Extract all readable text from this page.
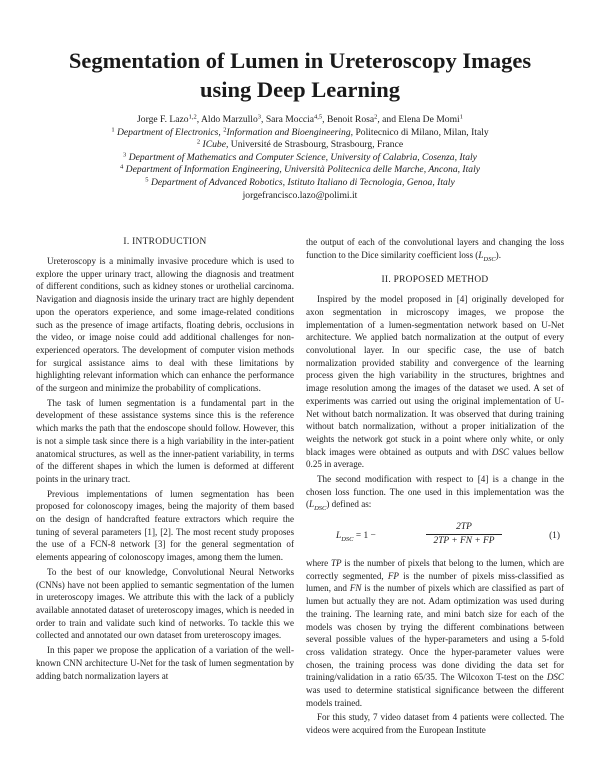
Segmentation of Lumen in Ureteroscopy Images
using Deep Learning
Jorge F. Lazo$^{1,2}$, Aldo Marzullo$^3$, Sara Moccia$^{4,5}$, Benoit Rosa$^2$, and Elena De Momi$^1$
$^1$ Department of Electronics, $^2$Information and Bioengineering, Politecnico di Milano, Milan, Italy
$^2$ ICube, Université de Strasbourg, Strasbourg, France
$^3$ Department of Mathematics and Computer Science, University of Calabria, Cosenza, Italy
$^4$ Department of Information Engineering, Università Politecnica delle Marche, Ancona, Italy
$^5$ Department of Advanced Robotics, Istituto Italiano di Tecnologia, Genoa, Italy
jorgefrancisco.lazo@polimi.it
I. INTRODUCTION

Ureteroscopy is a minimally invasive procedure which is used to explore the upper urinary tract, allowing the diagnosis and treatment of different conditions, such as kidney stones or urothelial carcinoma. Navigation and diagnosis inside the urinary tract are highly dependent upon the operators experience, and some image-related conditions such as the presence of image artifacts, floating debris, occlusions in the video, or image noise could add additional challenges for non-experienced operators. The development of computer vision methods for surgical assistance aims to deal with these limitations by highlighting relevant information which can enhance the performance of the surgeon and minimize the probability of complications.

The task of lumen segmentation is a fundamental part in the development of these assistance systems since this is the reference which marks the path that the endoscope should follow. However, this is not a simple task since there is a high variability in the inter-patient anatomical structures, as well as the inner-patient variability, in terms of the different shapes in which the lumen is deformed at different points in the urinary tract.

Previous implementations of lumen segmentation has been proposed for colonoscopy images, being the majority of them based on the design of handcrafted feature extractors which require the tuning of several parameters [1], [2]. The most recent study proposes the use of a FCN-8 network [3] for the general segmentation of elements appearing of colonoscopy images, among them the lumen.

To the best of our knowledge, Convolutional Neural Networks (CNNs) have not been applied to semantic segmentation of the lumen in ureteroscopy images. We attribute this with the lack of a publicly available annotated dataset of ureteroscopy images, which is needed in order to train and validate such kind of networks. To tackle this we collected and annotated our own dataset from ureteroscopy images.

In this paper we propose the application of a variation of the well-known CNN architecture U-Net for the task of lumen segmentation by adding batch normalization layers at

the output of each of the convolutional layers and changing the loss function to the Dice similarity coefficient loss $(L_{DSC})$.

II. PROPOSED METHOD

Inspired by the model proposed in [4] originally developed for axon segmentation in microscopy images, we propose the implementation of a lumen-segmentation network based on U-Net architecture. We applied batch normalization at the output of every convolutional layer. In our specific case, the use of batch normalization provided stability and convergence of the learning process given the high variability in the structures, brightnes and image resolution among the images of the dataset we used. A set of experiments was carried out using the original implementation of U-Net without batch normalization. It was observed that during training without batch normalization, without a proper initialization of the weights the network got stuck in a point where only white, or only black images were obtained as outputs and with DSC values bellow 0.25 in average.

The second modification with respect to [4] is a change in the chosen loss function. The one used in this implementation was the $(L_{DSC})$ defined as:

$L_{DSC} = 1$ −	$\frac{2TP}{2TP + FN + FP}$	(1)

where TP is the number of pixels that belong to the lumen, which are correctly segmented, FP is the number of pixels miss-classified as lumen, and FN is the number of pixels which are classified as part of lumen but actually they are not. Adam optimization was used during the training. The learning rate, and mini batch size for each of the models was chosen by trying the different combinations between several possible values of the hyper-parameters and using a 5-fold cross validation strategy. Once the hyper-parameter values were chosen, the training process was done dividing the data set for training/validation in a ratio 65/35. The Wilcoxon T-test on the DSC was used to determine statistical significance between the different models trained.

For this study, 7 video dataset from 4 patients were collected. The videos were acquired from the European Institute
